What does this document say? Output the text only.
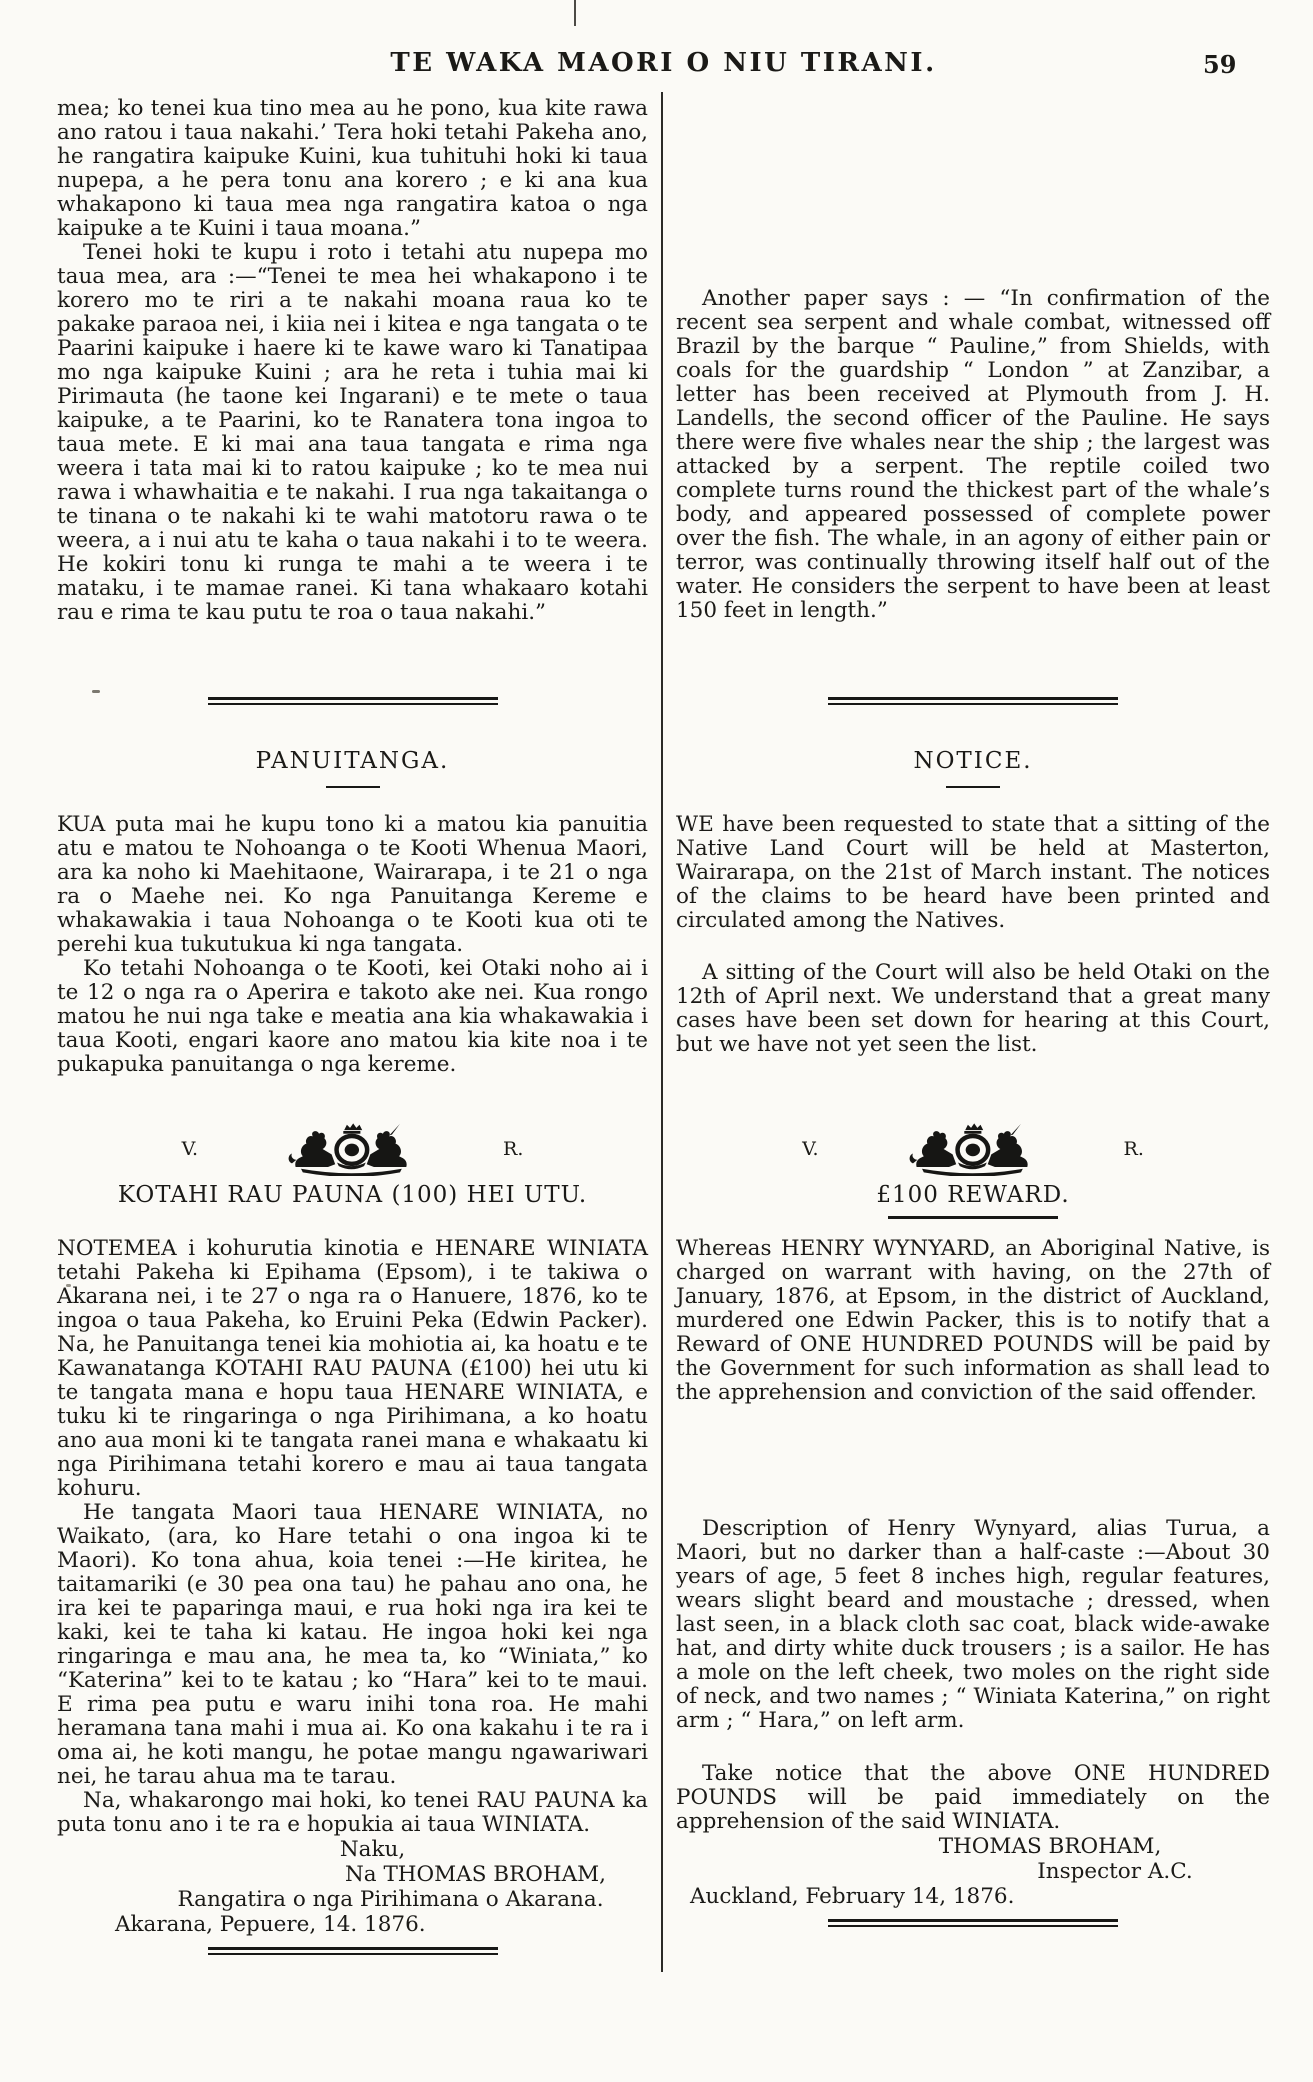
TE WAKA MAORI O NIU TIRANI.	59

mea; ko tenei kua tino mea au he pono, kua kite rawa ano ratou i taua nakahi.’ Tera hoki tetahi Pakeha ano, he rangatira kaipuke Kuini, kua tuhituhi hoki ki taua nupepa, a he pera tonu ana korero ; e ki ana kua whakapono ki taua mea nga rangatira katoa o nga kaipuke a te Kuini i taua moana.”

Tenei hoki te kupu i roto i tetahi atu nupepa mo taua mea, ara :—“Tenei te mea hei whakapono i te korero mo te riri a te nakahi moana raua ko te pakake paraoa nei, i kiia nei i kitea e nga tangata o te Paarini kaipuke i haere ki te kawe waro ki Tanatipaa mo nga kaipuke Kuini ; ara he reta i tuhia mai ki Pirimauta (he taone kei Ingarani) e te mete o taua kaipuke, a te Paarini, ko te Ranatera tona ingoa to taua mete. E ki mai ana taua tangata e rima nga weera i tata mai ki to ratou kaipuke ; ko te mea nui rawa i whawhaitia e te nakahi. I rua nga takaitanga o te tinana o te nakahi ki te wahi matotoru rawa o te weera, a i nui atu te kaha o taua nakahi i to te weera. He kokiri tonu ki runga te mahi a te weera i te mataku, i te mamae ranei. Ki tana whakaaro kotahi rau e rima te kau putu te roa o taua nakahi.”

PANUITANGA.

KUA puta mai he kupu tono ki a matou kia panuitia atu e matou te Nohoanga o te Kooti Whenua Maori, ara ka noho ki Maehitaone, Wairarapa, i te 21 o nga ra o Maehe nei. Ko nga Panuitanga Kereme e whakawakia i taua Nohoanga o te Kooti kua oti te perehi kua tukutukua ki nga tangata.

Ko tetahi Nohoanga o te Kooti, kei Otaki noho ai i te 12 o nga ra o Aperira e takoto ake nei. Kua rongo matou he nui nga take e meatia ana kia whakawakia i taua Kooti, engari kaore ano matou kia kite noa i te pukapuka panuitanga o nga kereme.

V.	R.
KOTAHI RAU PAUNA (100) HEI UTU.

NOTEMEA i kohurutia kinotia e HENARE WINIATA tetahi Pakeha ki Epihama (Epsom), i te takiwa o Akarana nei, i te 27 o nga ra o Hanuere, 1876, ko te ingoa o taua Pakeha, ko Eruini Peka (Edwin Packer). Na, he Panuitanga tenei kia mohiotia ai, ka hoatu e te Kawanatanga KOTAHI RAU PAUNA (£100) hei utu ki te tangata mana e hopu taua HENARE WINIATA, e tuku ki te ringaringa o nga Pirihimana, a ko hoatu ano aua moni ki te tangata ranei mana e whakaatu ki nga Pirihimana tetahi korero e mau ai taua tangata kohuru.

He tangata Maori taua HENARE WINIATA, no Waikato, (ara, ko Hare tetahi o ona ingoa ki te Maori). Ko tona ahua, koia tenei :—He kiritea, he taitamariki (e 30 pea ona tau) he pahau ano ona, he ira kei te paparinga maui, e rua hoki nga ira kei te kaki, kei te taha ki katau. He ingoa hoki kei nga ringaringa e mau ana, he mea ta, ko “Winiata,” ko “Katerina” kei to te katau ; ko “Hara” kei to te maui. E rima pea putu e waru inihi tona roa. He mahi heramana tana mahi i mua ai. Ko ona kakahu i te ra i oma ai, he koti mangu, he potae mangu ngawariwari nei, he tarau ahua ma te tarau.

Na, whakarongo mai hoki, ko tenei RAU PAUNA ka puta tonu ano i te ra e hopukia ai taua WINIATA.

Naku,

Na THOMAS BROHAM,

Rangatira o nga Pirihimana o Akarana.

Akarana, Pepuere, 14. 1876.

Another paper says : — “In confirmation of the recent sea serpent and whale combat, witnessed off Brazil by the barque “ Pauline,” from Shields, with coals for the guardship “ London ” at Zanzibar, a letter has been received at Plymouth from J. H. Landells, the second officer of the Pauline. He says there were five whales near the ship ; the largest was attacked by a serpent. The reptile coiled two complete turns round the thickest part of the whale’s body, and appeared possessed of complete power over the fish. The whale, in an agony of either pain or terror, was continually throwing itself half out of the water. He considers the serpent to have been at least 150 feet in length.”

NOTICE.

WE have been requested to state that a sitting of the Native Land Court will be held at Masterton, Wairarapa, on the 21st of March instant. The notices of the claims to be heard have been printed and circulated among the Natives.

A sitting of the Court will also be held Otaki on the 12th of April next. We understand that a great many cases have been set down for hearing at this Court, but we have not yet seen the list.

V.	R.
£100 REWARD.

Whereas HENRY WYNYARD, an Aboriginal Native, is charged on warrant with having, on the 27th of January, 1876, at Epsom, in the district of Auckland, murdered one Edwin Packer, this is to notify that a Reward of ONE HUNDRED POUNDS will be paid by the Government for such information as shall lead to the apprehension and conviction of the said offender.

Description of Henry Wynyard, alias Turua, a Maori, but no darker than a half-caste :—About 30 years of age, 5 feet 8 inches high, regular features, wears slight beard and moustache ; dressed, when last seen, in a black cloth sac coat, black wide-awake hat, and dirty white duck trousers ; is a sailor. He has a mole on the left cheek, two moles on the right side of neck, and two names ; “ Winiata Katerina,” on right arm ; “ Hara,” on left arm.

Take notice that the above ONE HUNDRED POUNDS will be paid immediately on the apprehension of the said WINIATA.

THOMAS BROHAM,

Inspector A.C.

Auckland, February 14, 1876.
